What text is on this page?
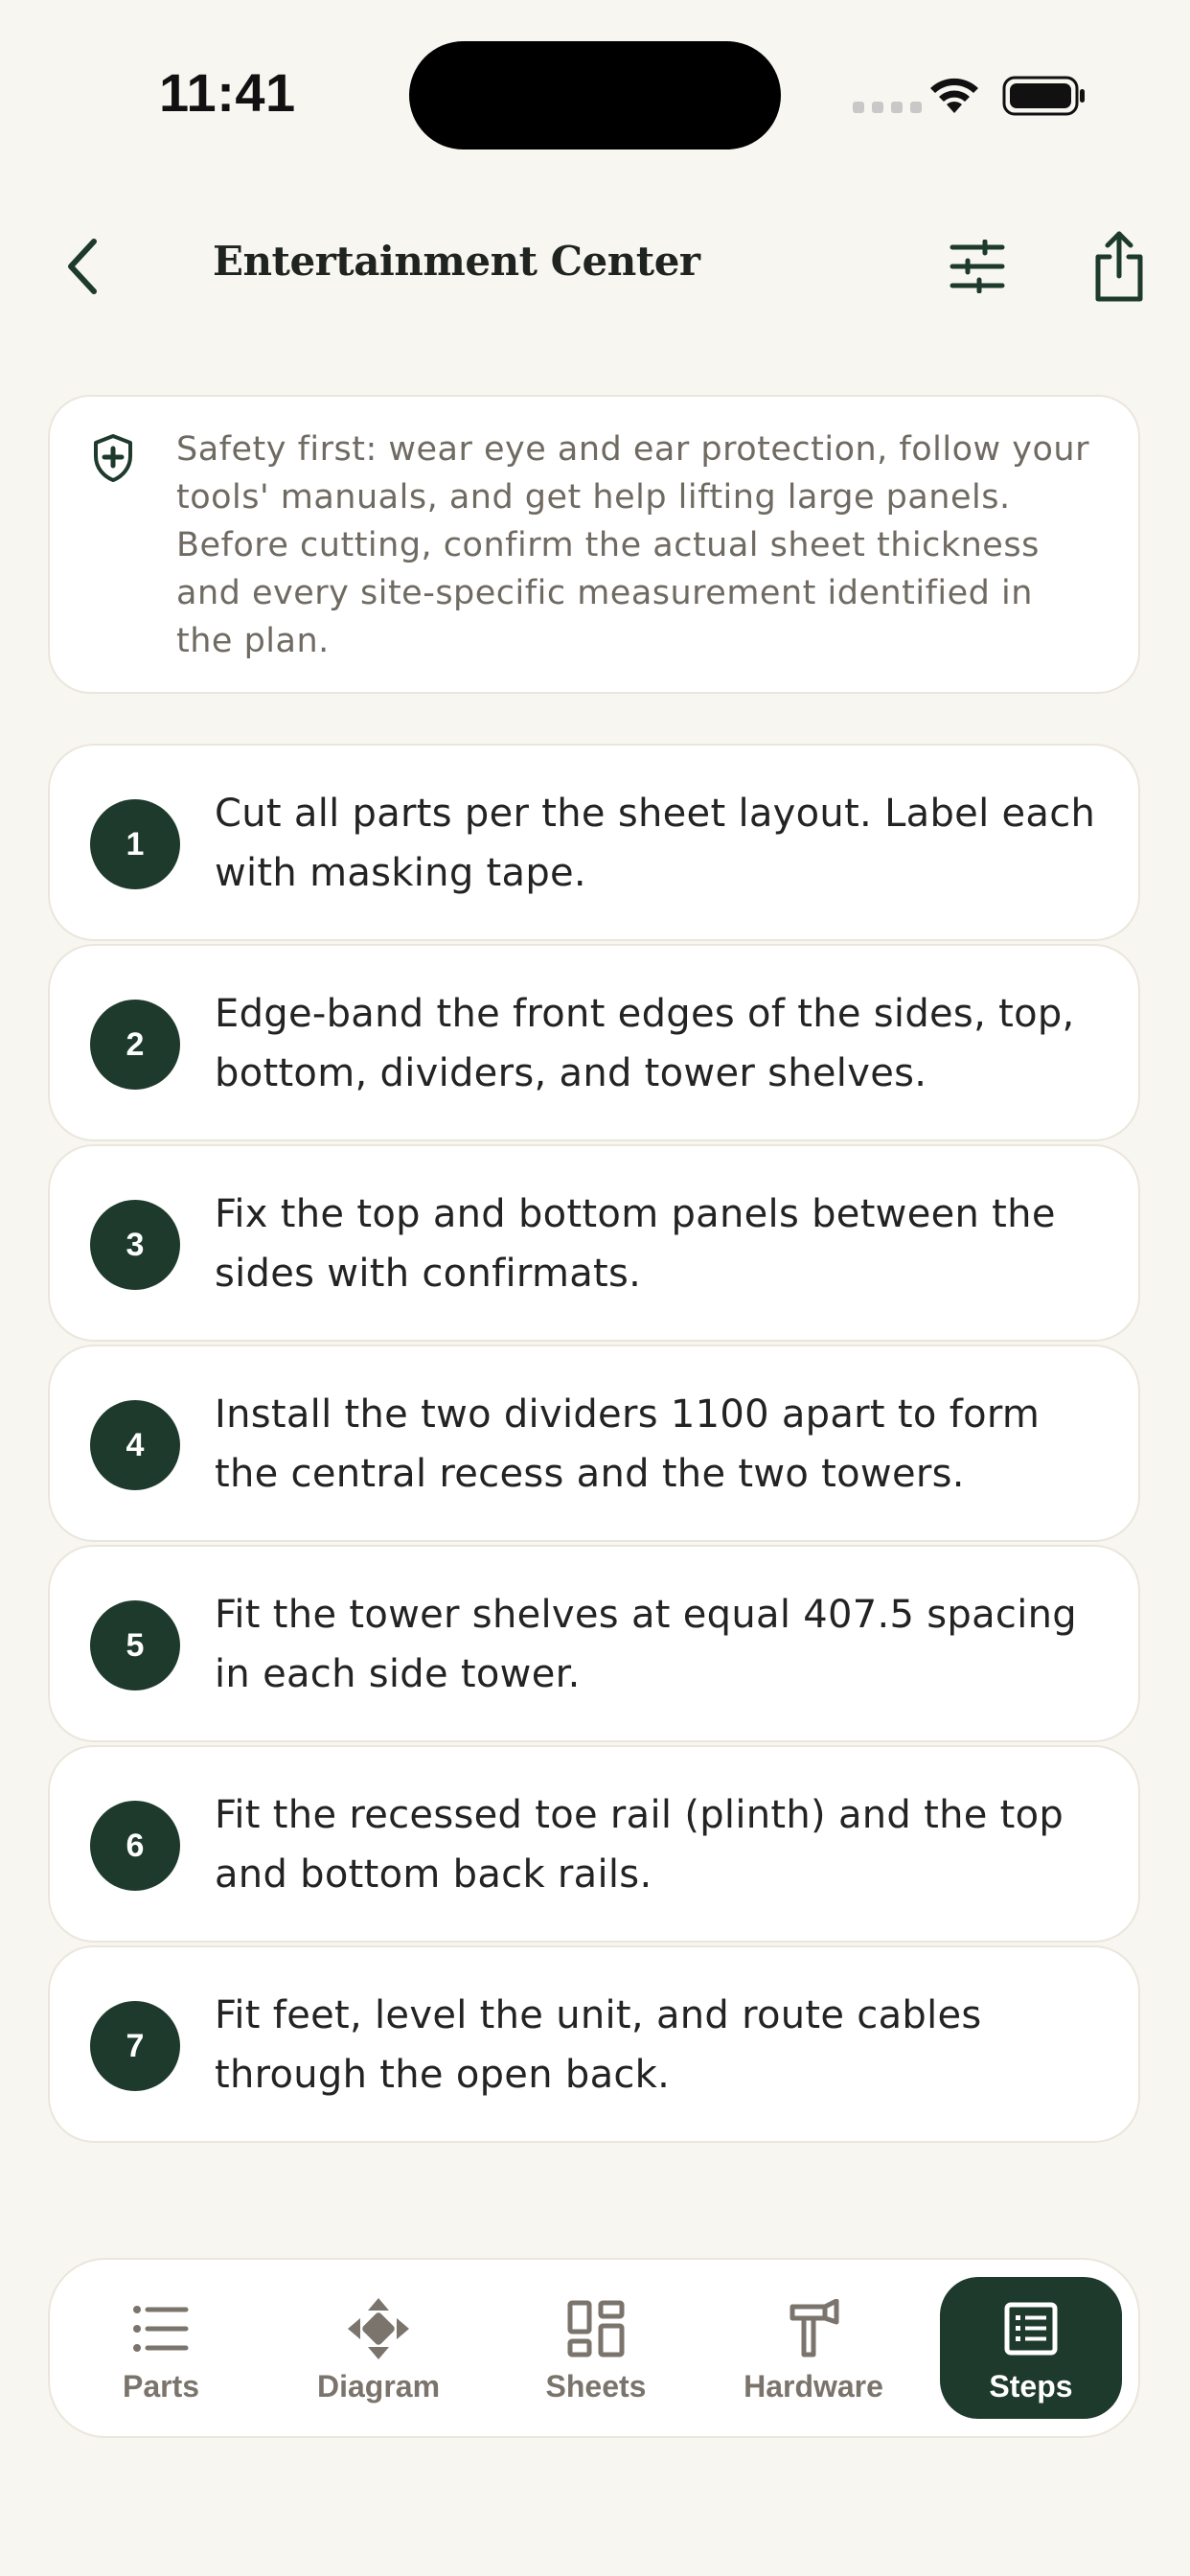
11:41
Entertainment Center
Safety first: wear eye and ear protection, follow your tools' manuals, and get help lifting large panels. Before cutting, confirm the actual sheet thickness and every site-specific measurement identified in the plan.
1
Cut all parts per the sheet layout. Label each with masking tape.
2
Edge-band the front edges of the sides, top, bottom, dividers, and tower shelves.
3
Fix the top and bottom panels between the sides with confirmats.
4
Install the two dividers 1100 apart to form the central recess and the two towers.
5
Fit the tower shelves at equal 407.5 spacing in each side tower.
6
Fit the recessed toe rail (plinth) and the top and bottom back rails.
7
Fit feet, level the unit, and route cables through the open back.
Parts	Diagram	Sheets	Hardware	Steps
